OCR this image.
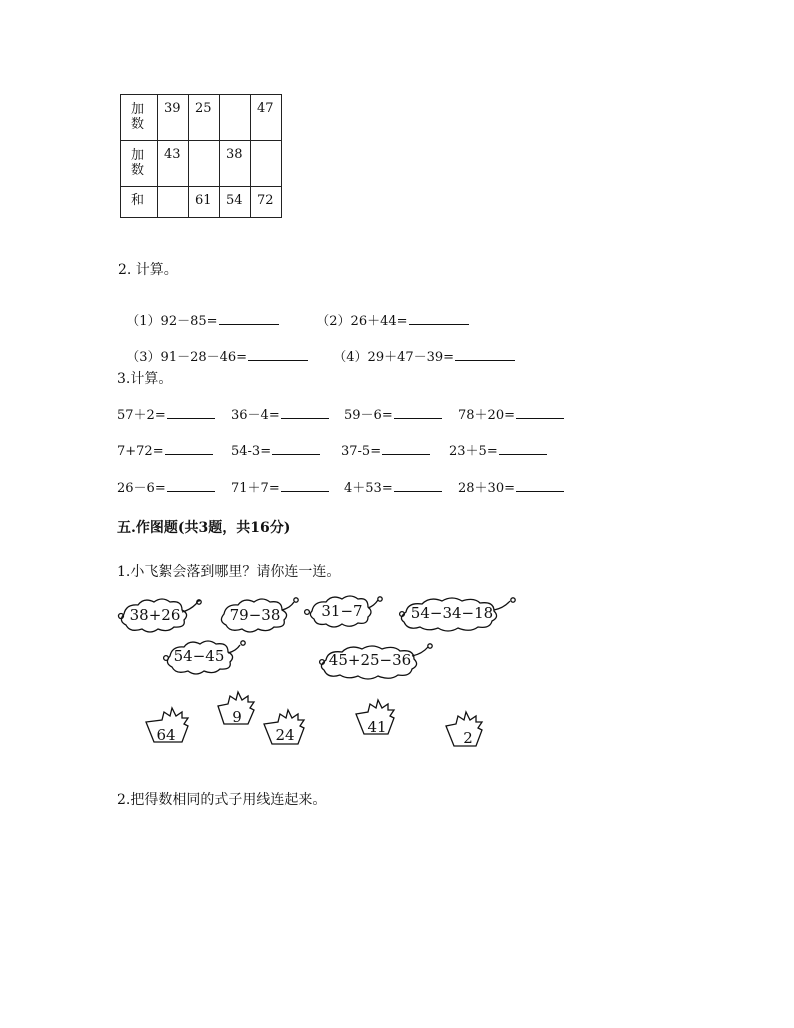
加
数	39	25		47
加
数	43		38	
和		61	54	72
2. 计算。

（1）92－85=	（2）26＋44=

（3）91－28－46=	（4）29＋47－39=

3.计算。
57＋2=	36－4=	59－6=	78＋20=
7+72=	54-3=	37-5=	23＋5=
26－6=	71＋7=	4＋53=	28＋30=
五.作图题(共3题，共16分)
1.小飞絮会落到哪里？请你连一连。
38+26	79−38	31−7	54−34−18
54−45	45+25−36
9
64	24	41
2
2.把得数相同的式子用线连起来。
